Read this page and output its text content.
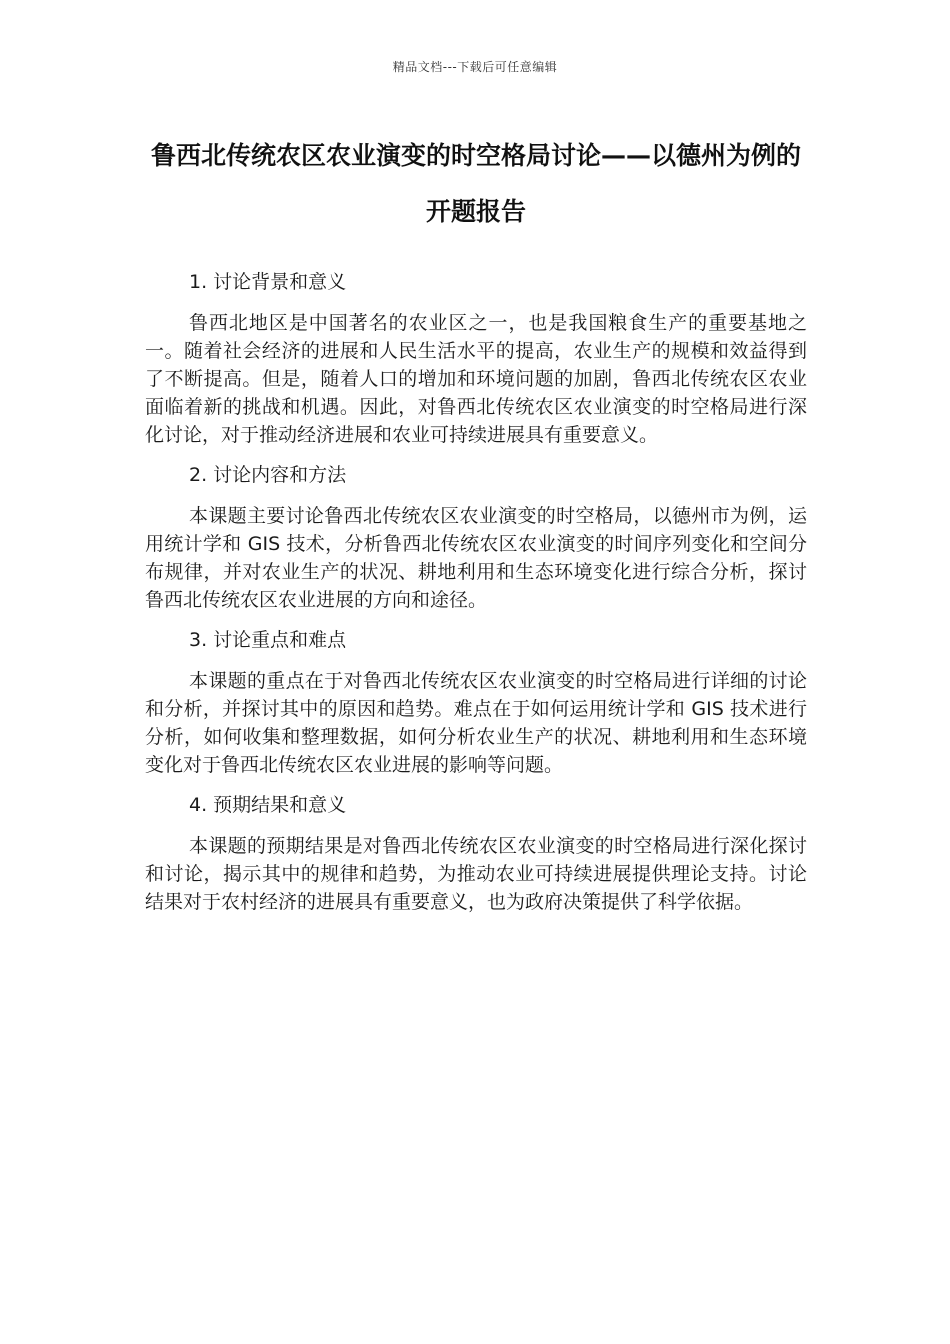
精品文档---下载后可任意编辑
鲁西北传统农区农业演变的时空格局讨论——以德州为例的开题报告

1. 讨论背景和意义

鲁西北地区是中国著名的农业区之一，也是我国粮食生产的重要基地之一。随着社会经济的进展和人民生活水平的提高，农业生产的规模和效益得到了不断提高。但是，随着人口的增加和环境问题的加剧，鲁西北传统农区农业面临着新的挑战和机遇。因此，对鲁西北传统农区农业演变的时空格局进行深化讨论，对于推动经济进展和农业可持续进展具有重要意义。

2. 讨论内容和方法

本课题主要讨论鲁西北传统农区农业演变的时空格局，以德州市为例，运用统计学和 GIS 技术，分析鲁西北传统农区农业演变的时间序列变化和空间分布规律，并对农业生产的状况、耕地利用和生态环境变化进行综合分析，探讨鲁西北传统农区农业进展的方向和途径。

3. 讨论重点和难点

本课题的重点在于对鲁西北传统农区农业演变的时空格局进行详细的讨论和分析，并探讨其中的原因和趋势。难点在于如何运用统计学和 GIS 技术进行分析，如何收集和整理数据，如何分析农业生产的状况、耕地利用和生态环境变化对于鲁西北传统农区农业进展的影响等问题。

4. 预期结果和意义

本课题的预期结果是对鲁西北传统农区农业演变的时空格局进行深化探讨和讨论，揭示其中的规律和趋势，为推动农业可持续进展提供理论支持。讨论结果对于农村经济的进展具有重要意义，也为政府决策提供了科学依据。
